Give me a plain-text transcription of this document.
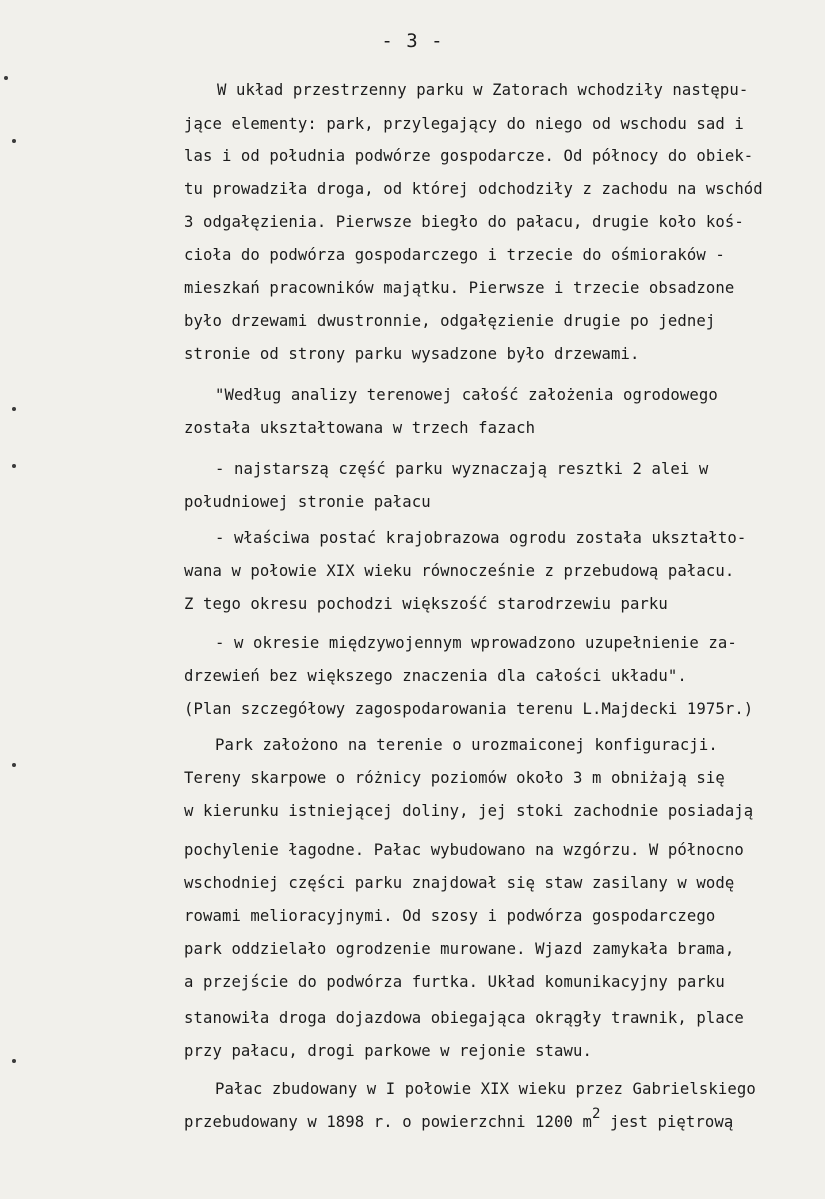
- 3 -
W układ przestrzenny parku w Zatorach wchodziły następu-
jące elementy: park, przylegający do niego od wschodu sad i
las i od południa podwórze gospodarcze. Od północy do obiek-
tu prowadziła droga, od której odchodziły z zachodu na wschód
3 odgałęzienia. Pierwsze biegło do pałacu, drugie koło koś-
cioła do podwórza gospodarczego i trzecie do ośmioraków -
mieszkań pracowników majątku. Pierwsze i trzecie obsadzone
było drzewami dwustronnie, odgałęzienie drugie po jednej
stronie od strony parku wysadzone było drzewami.
"Według analizy terenowej całość założenia ogrodowego
została ukształtowana w trzech fazach
- najstarszą część parku wyznaczają resztki 2 alei w
południowej stronie pałacu
- właściwa postać krajobrazowa ogrodu została ukształto-
wana w połowie XIX wieku równocześnie z przebudową pałacu.
Z tego okresu pochodzi większość starodrzewiu parku
- w okresie międzywojennym wprowadzono uzupełnienie za-
drzewień bez większego znaczenia dla całości układu".
(Plan szczegółowy zagospodarowania terenu L.Majdecki 1975r.)
Park założono na terenie o urozmaiconej konfiguracji.
Tereny skarpowe o różnicy poziomów około 3 m obniżają się
w kierunku istniejącej doliny, jej stoki zachodnie posiadają
pochylenie łagodne. Pałac wybudowano na wzgórzu. W północno
wschodniej części parku znajdował się staw zasilany w wodę
rowami melioracyjnymi. Od szosy i podwórza gospodarczego
park oddzielało ogrodzenie murowane. Wjazd zamykała brama,
a przejście do podwórza furtka. Układ komunikacyjny parku
stanowiła droga dojazdowa obiegająca okrągły trawnik, place
przy pałacu, drogi parkowe w rejonie stawu.
Pałac zbudowany w I połowie XIX wieku przez Gabrielskiego
przebudowany w 1898 r. o powierzchni 1200 m2 jest piętrową
